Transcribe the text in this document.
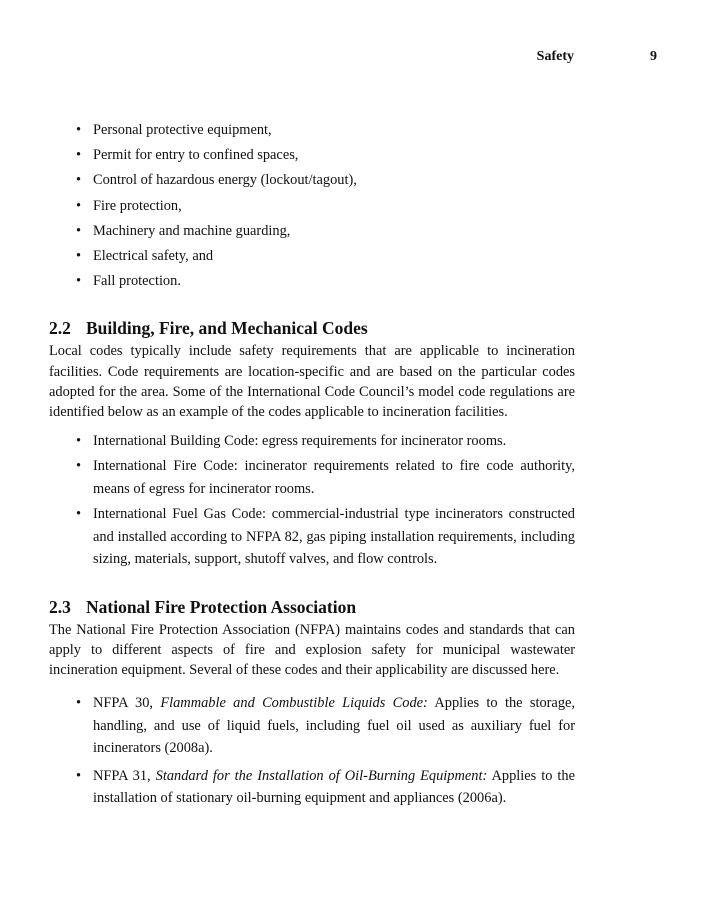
Safety	9
• Personal protective equipment,
• Permit for entry to confined spaces,
• Control of hazardous energy (lockout/tagout),
• Fire protection,
• Machinery and machine guarding,
• Electrical safety, and
• Fall protection.
2.2 Building, Fire, and Mechanical Codes

Local codes typically include safety requirements that are applicable to incineration facilities. Code requirements are location-specific and are based on the particular codes adopted for the area. Some of the International Code Council’s model code regulations are identified below as an example of the codes applicable to incineration facilities.

• International Building Code: egress requirements for incinerator rooms.
• International Fire Code: incinerator requirements related to fire code authority, means of egress for incinerator rooms.
• International Fuel Gas Code: commercial-industrial type incinerators constructed and installed according to NFPA 82, gas piping installation requirements, including sizing, materials, support, shutoff valves, and flow controls.
2.3 National Fire Protection Association

The National Fire Protection Association (NFPA) maintains codes and standards that can apply to different aspects of fire and explosion safety for municipal wastewater incineration equipment. Several of these codes and their applicability are discussed here.

• NFPA 30, Flammable and Combustible Liquids Code: Applies to the storage, handling, and use of liquid fuels, including fuel oil used as auxiliary fuel for incinerators (2008a).
• NFPA 31, Standard for the Installation of Oil-Burning Equipment: Applies to the installation of stationary oil-burning equipment and appliances (2006a).
